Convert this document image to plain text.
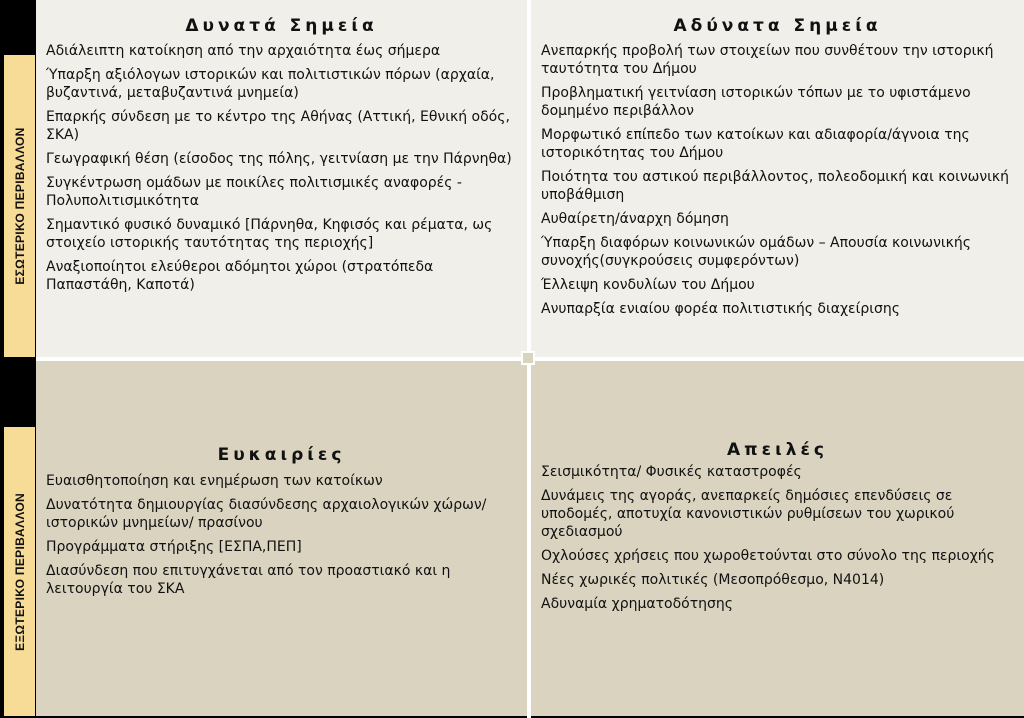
ΕΣΩΤΕΡΙΚΟ ΠΕΡΙΒΑΛΛΟΝ
ΕΞΩΤΕΡΙΚΟ ΠΕΡΙΒΑΛΛΟΝ
Δυνατά Σημεία
Αδιάλειπτη κατοίκηση από την αρχαιότητα έως σήμερα
Ύπαρξη αξιόλογων ιστορικών και πολιτιστικών πόρων (αρχαία, βυζαντινά, μεταβυζαντινά μνημεία)
Επαρκής σύνδεση με το κέντρο της Αθήνας (Αττική, Εθνική οδός, ΣΚΑ)
Γεωγραφική θέση (είσοδος της πόλης, γειτνίαση με την Πάρνηθα)
Συγκέντρωση ομάδων με ποικίλες πολιτισμικές αναφορές - Πολυπολιτισμικότητα
Σημαντικό φυσικό δυναμικό [Πάρνηθα, Κηφισός και ρέματα, ως στοιχείο ιστορικής ταυτότητας της περιοχής]
Αναξιοποίητοι ελεύθεροι αδόμητοι χώροι (στρατόπεδα Παπαστάθη, Καποτά)
Αδύνατα Σημεία
Ανεπαρκής προβολή των στοιχείων που συνθέτουν την ιστορική ταυτότητα του Δήμου
Προβληματική γειτνίαση ιστορικών τόπων με το υφιστάμενο δομημένο περιβάλλον
Μορφωτικό επίπεδο των κατοίκων και αδιαφορία/άγνοια της ιστορικότητας του Δήμου
Ποιότητα του αστικού περιβάλλοντος, πολεοδομική και κοινωνική υποβάθμιση
Αυθαίρετη/άναρχη δόμηση
Ύπαρξη διαφόρων κοινωνικών ομάδων – Απουσία κοινωνικής συνοχής(συγκρούσεις συμφερόντων)
Έλλειψη κονδυλίων του Δήμου
Ανυπαρξία ενιαίου φορέα πολιτιστικής διαχείρισης
Ευκαιρίες
Ευαισθητοποίηση και ενημέρωση των κατοίκων
Δυνατότητα δημιουργίας διασύνδεσης αρχαιολογικών χώρων/ ιστορικών μνημείων/ πρασίνου
Προγράμματα στήριξης [ΕΣΠΑ,ΠΕΠ]
Διασύνδεση που επιτυγχάνεται από τον προαστιακό και η λειτουργία του ΣΚΑ
Απειλές
Σεισμικότητα/ Φυσικές καταστροφές
Δυνάμεις της αγοράς, ανεπαρκείς δημόσιες επενδύσεις σε υποδομές, αποτυχία κανονιστικών ρυθμίσεων του χωρικού σχεδιασμού
Οχλούσες χρήσεις που χωροθετούνται στο σύνολο της περιοχής
Νέες χωρικές πολιτικές (Μεσοπρόθεσμο, Ν4014)
Αδυναμία χρηματοδότησης
